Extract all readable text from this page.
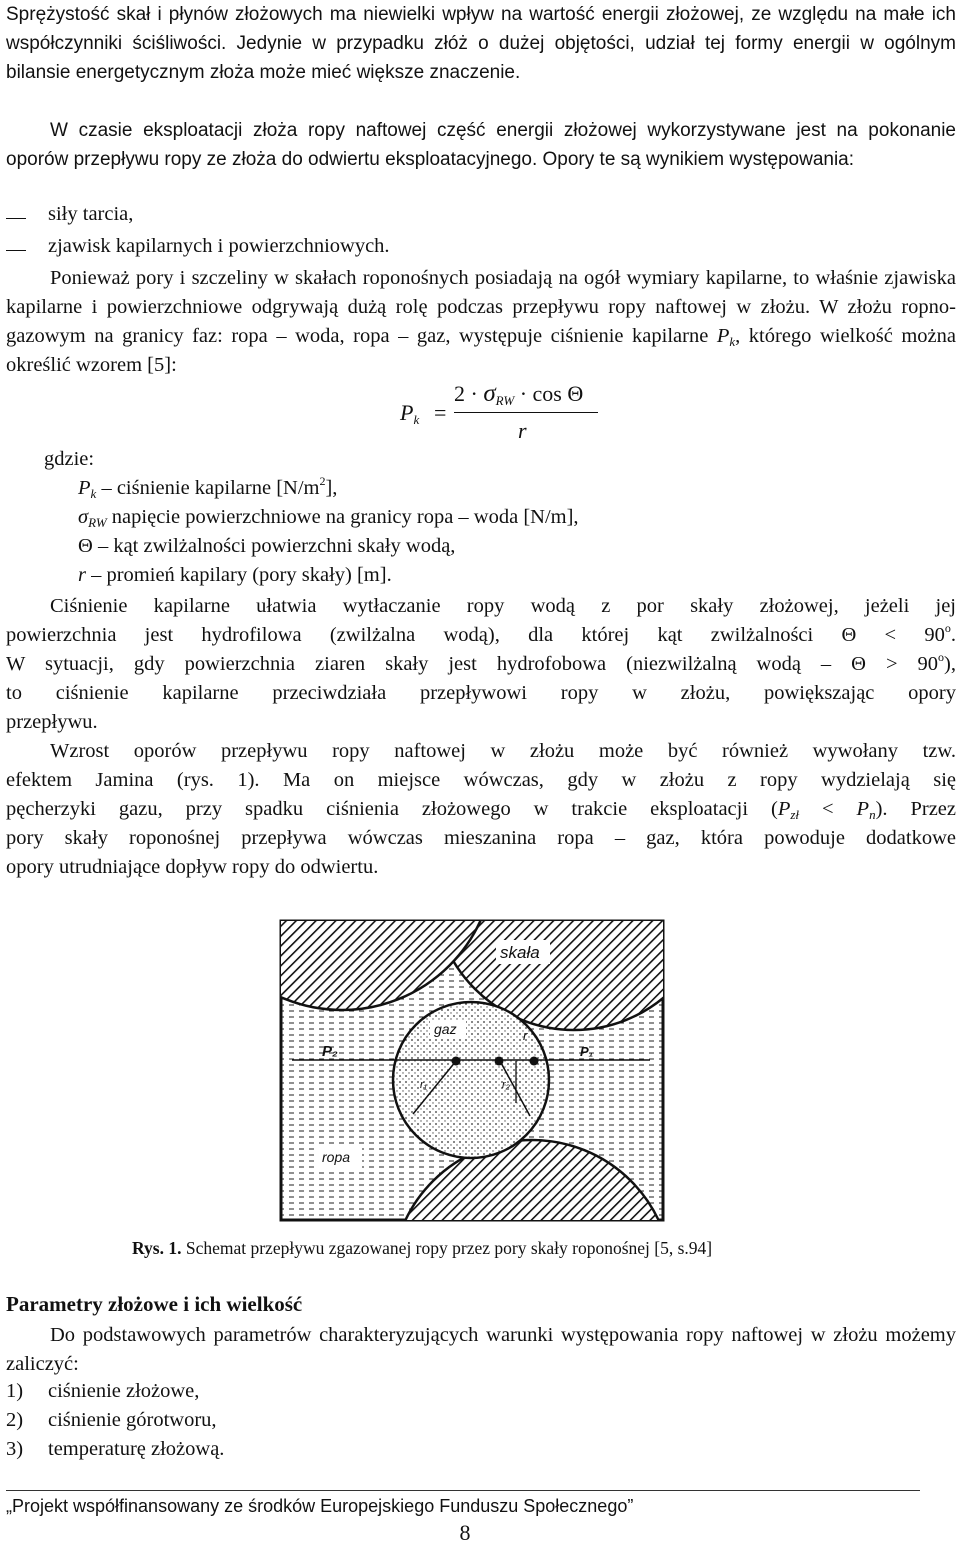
Sprężystość skał i płynów złożowych ma niewielki wpływ na wartość energii złożowej, ze względu na małe ich współczynniki ściśliwości. Jedynie w przypadku złóż o dużej objętości, udział tej formy energii w ogólnym bilansie energetycznym złoża może mieć większe znaczenie.

W czasie eksploatacji złoża ropy naftowej część energii złożowej wykorzystywane jest na pokonanie oporów przepływu ropy ze złoża do odwiertu eksploatacyjnego. Opory te są wynikiem występowania:

siły tarcia,
zjawisk kapilarnych i powierzchniowych.

Ponieważ pory i szczeliny w skałach roponośnych posiadają na ogół wymiary kapilarne, to właśnie zjawiska kapilarne i powierzchniowe odgrywają dużą rolę podczas przepływu ropy naftowej w złożu. W złożu ropno-gazowym na granicy faz: ropa – woda, ropa – gaz, występuje ciśnienie kapilarne $P_k$, którego wielkość można określić wzorem [5]:

$P_k$ =
$2 \cdot \sigma_{RW} \cdot \cos \Theta$
r
gdzie:
$P_k$ – ciśnienie kapilarne $[N/m^2]$,
$\sigma_{RW}$ napięcie powierzchniowe na granicy ropa – woda [N/m],
Θ – kąt zwilżalności powierzchni skały wodą,
r – promień kapilary (pory skały) [m].
Ciśnienie kapilarne ułatwia wytłaczanie ropy wodą z por skały złożowej, jeżeli jej
powierzchnia jest hydrofilowa (zwilżalna wodą), dla której kąt zwilżalności $\Theta < 90^o$.
W sytuacji, gdy powierzchnia ziaren skały jest hydrofobowa (niezwilżalną wodą – $\Theta > 90^o$),
to ciśnienie kapilarne przeciwdziała przepływowi ropy w złożu, powiększając opory
przepływu.
Wzrost oporów przepływu ropy naftowej w złożu może być również wywołany tzw.
efektem Jamina (rys. 1). Ma on miejsce wówczas, gdy w złożu z ropy wydzielają się
pęcherzyki gazu, przy spadku ciśnienia złożowego w trakcie eksploatacji $(P_{zł} < P_n)$. Przez
pory skały roponośnej przepływa wówczas mieszanina ropa – gaz, która powoduje dodatkowe
opory utrudniające dopływ ropy do odwiertu.
skała
gaz
ropa
P₂	P₁
r₁	r₂
r
Rys. 1. Schemat przepływu zgazowanej ropy przez pory skały roponośnej [5, s.94]
Parametry złożowe i ich wielkość

Do podstawowych parametrów charakteryzujących warunki występowania ropy naftowej w złożu możemy zaliczyć:

1) ciśnienie złożowe,
2) ciśnienie górotworu,
3) temperaturę złożową.
„Projekt współfinansowany ze środków Europejskiego Funduszu Społecznego”
8
